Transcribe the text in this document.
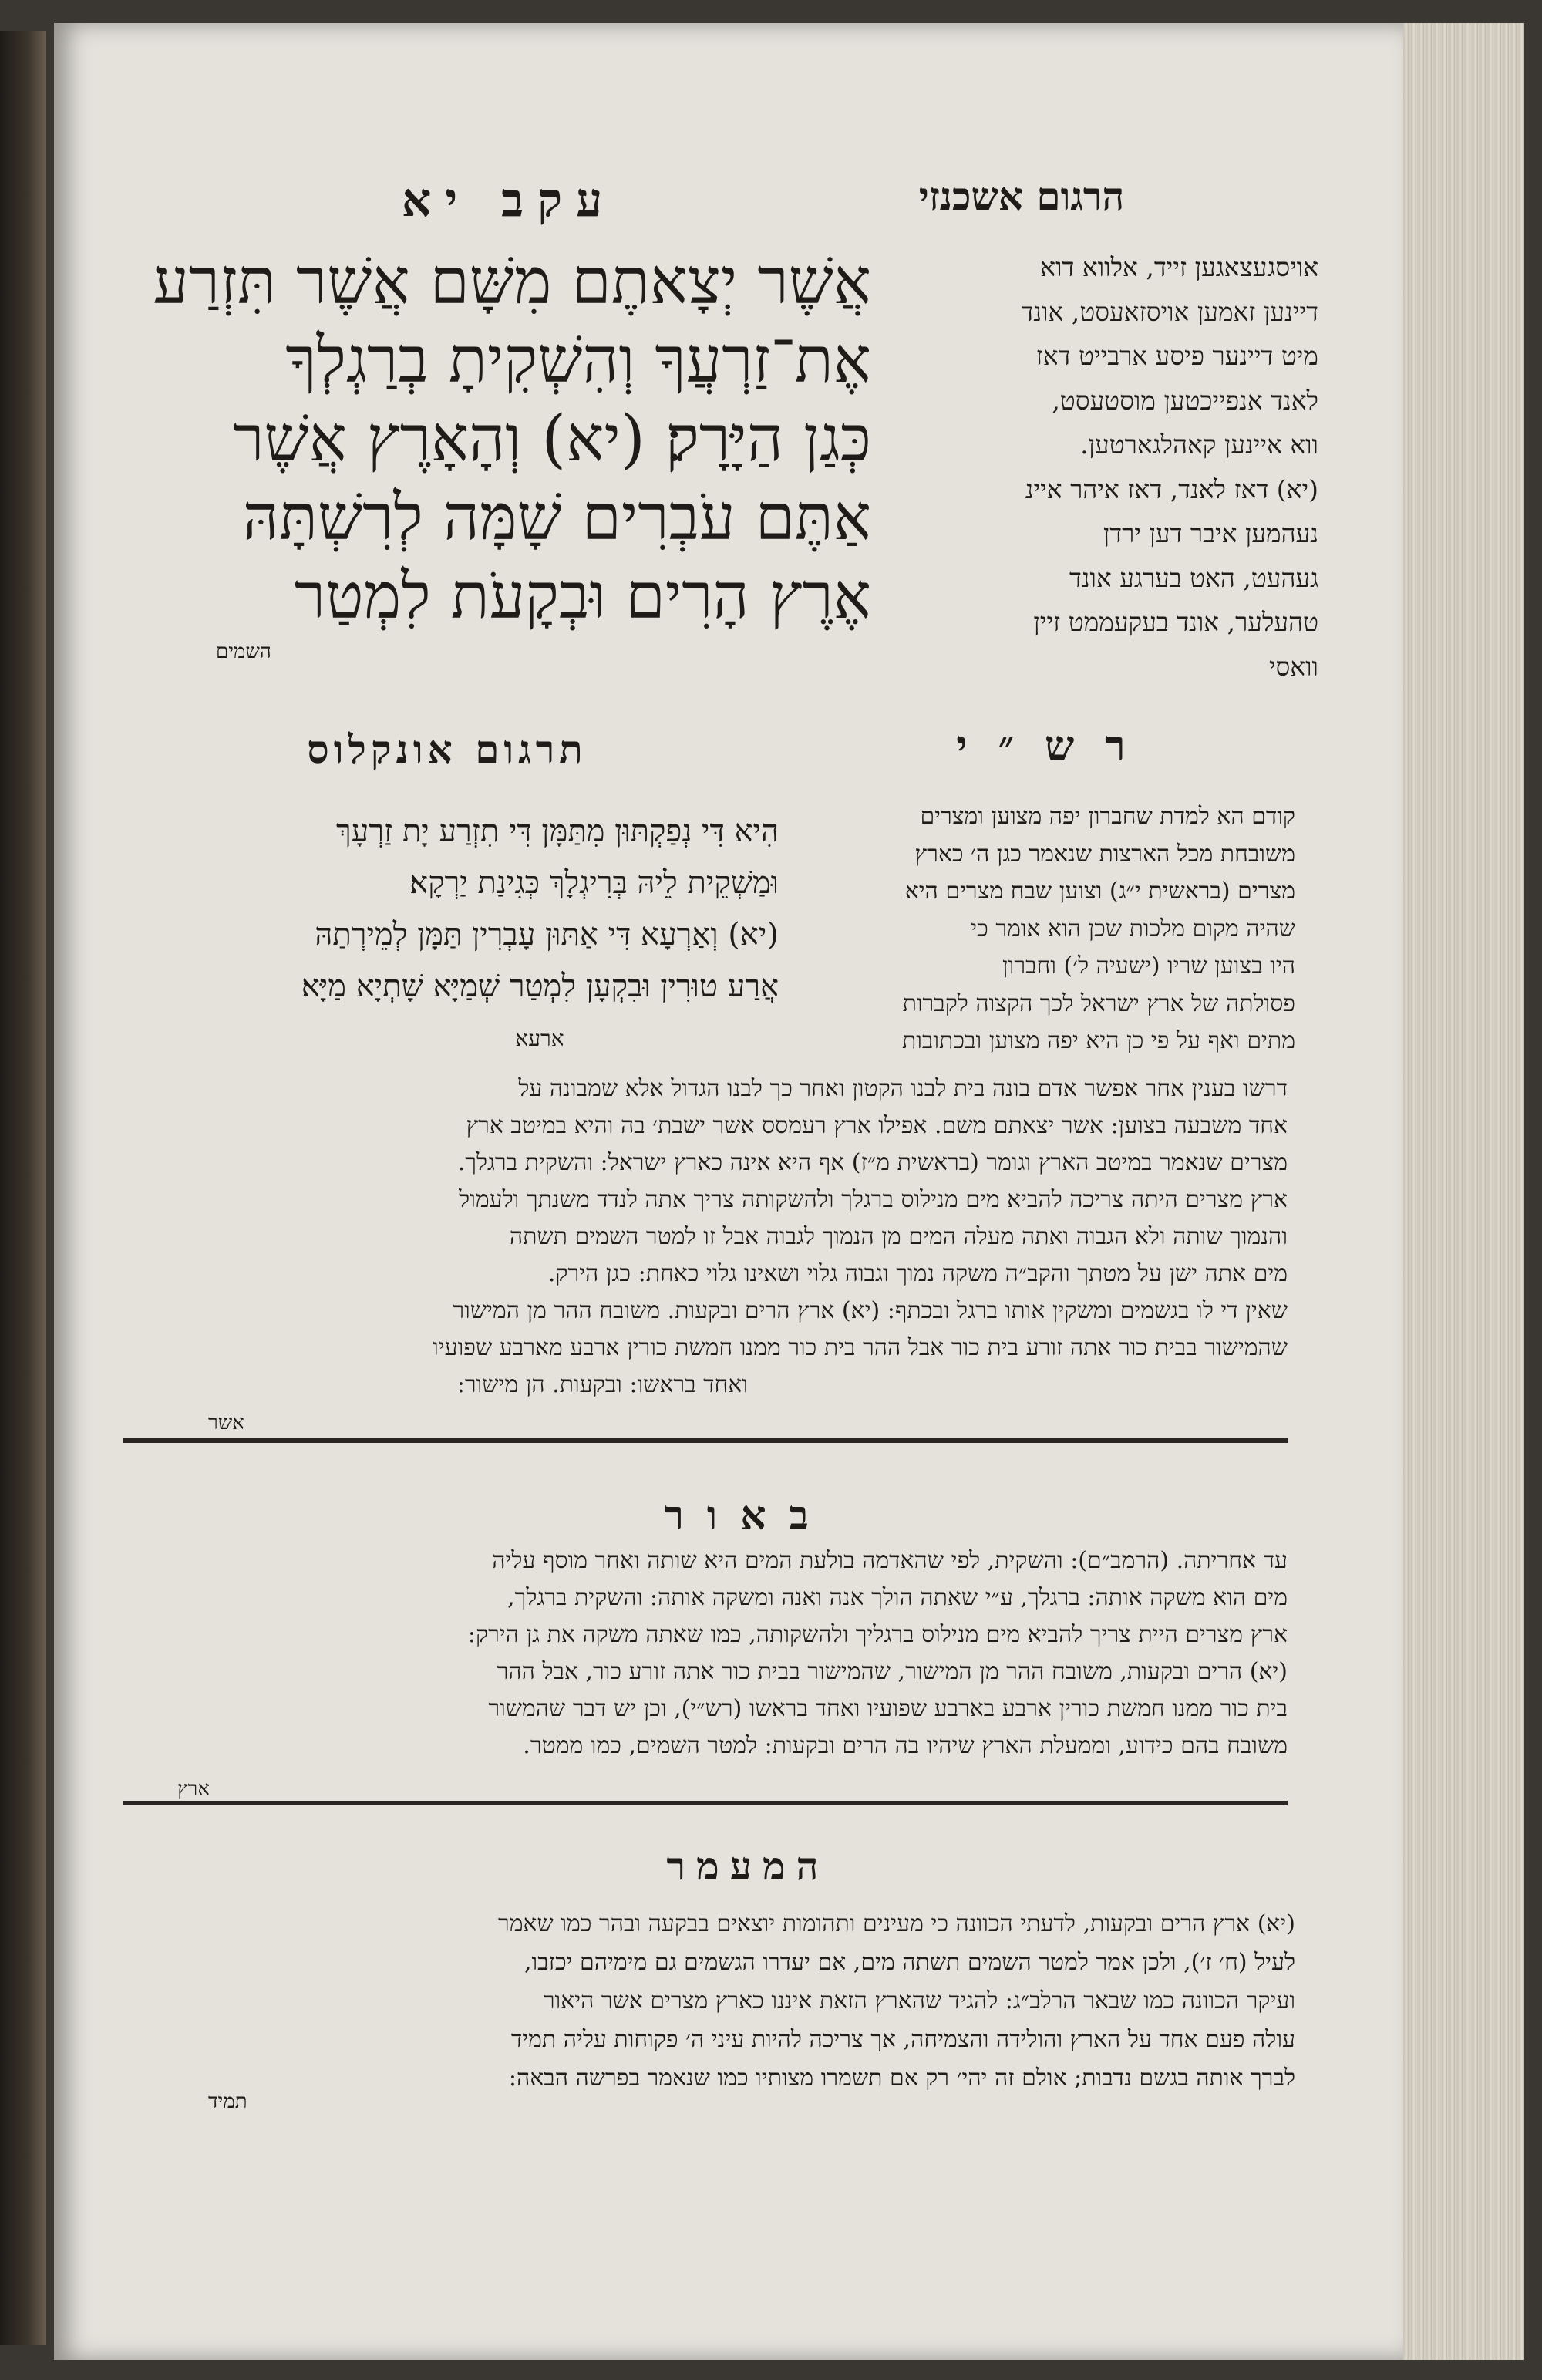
הרגום אשכנזי
עקב יא
אֲשֶׁר יְצָאתֶם מִשָּׁם אֲשֶׁר תִּזְרַע
אֶת־זַרְעֲךָ וְהִשְׁקִיתָ בְרַגְלְךָ
כְּגַן הַיָּרָק׃ (יא) וְהָאָרֶץ אֲשֶׁר
אַתֶּם עֹבְרִים שָׁמָּה לְרִשְׁתָּהּ
אֶרֶץ הָרִים וּבְקָעֹת לִמְטַר
השמים
אויסגעצאגען זייד, אלווא דוא
דיינען זאמען אויסזאעסט, אונד
מיט דיינער פיסע ארבייט דאז
לאנד אנפייכטען מוסטעסט,
ווא איינען קאהלגארטען.
(יא) דאז לאנד, דאז איהר איינ
נעהמען איבר דען ירדן
געהעט, האט בערגע אונד
טהעלער, אונד בעקעממט זיין
וואסי
רש״י
תרגום אונקלוס
הִיא דִּי נְפַקְתּוּן מִתַּמָּן דִּי תִזְרַע יָת זַרְעָךְ
וּמַשְׁקֵית לֵיהּ בְּרִיגְלָךְ כְּגִינַת יַרְקָא׃
(יא) וְאַרְעָא דִּי אַתּוּן עָבְרִין תַּמָּן לְמֵירְתַהּ
אֲרַע טוּרִין וּבִקְעָן לִמְטַר שְׁמַיָּא שָׁתְיָא מַיָּא׃
ארעא
קודם הא למדת שחברון יפה מצוען ומצרים
משובחת מכל הארצות שנאמר כגן ה׳ כארץ
מצרים (בראשית י״ג) וצוען שבח מצרים היא
שהיה מקום מלכות שכן הוא אומר כי
היו בצוען שריו (ישעיה ל׳) וחברון
פסולתה של ארץ ישראל לכך הקצוה לקברות
מתים ואף על פי כן היא יפה מצוען ובכתובות
דרשו בענין אחר אפשר אדם בונה בית לבנו הקטון ואחר כך לבנו הגדול אלא שמבונה על
אחד משבעה בצוען: אשר יצאתם משם. אפילו ארץ רעמסס אשר ישבת׳ בה והיא במיטב ארץ
מצרים שנאמר במיטב הארץ וגומר (בראשית מ״ז) אף היא אינה כארץ ישראל: והשקית ברגלך.
ארץ מצרים היתה צריכה להביא מים מנילוס ברגלך ולהשקותה צריך אתה לנדד משנתך ולעמול
והנמוך שותה ולא הגבוה ואתה מעלה המים מן הנמוך לגבוה אבל זו למטר השמים תשתה
מים אתה ישן על מטתך והקב״ה משקה נמוך וגבוה גלוי ושאינו גלוי כאחת: כגן הירק.
שאין די לו בגשמים ומשקין אותו ברגל ובכתף: (יא) ארץ הרים ובקעות. משובח ההר מן המישור
שהמישור בבית כור אתה זורע בית כור אבל ההר בית כור ממנו חמשת כורין ארבע מארבע שפועיו
ואחד בראשו: ובקעות. הן מישור:
אשר
באור
עד אחריתה. (הרמב״ם): והשקית, לפי שהאדמה בולעת המים היא שותה ואחר מוסף עליה
מים הוא משקה אותה: ברגלך, ע״י שאתה הולך אנה ואנה ומשקה אותה: והשקית ברגלך,
ארץ מצרים היית צריך להביא מים מנילוס ברגליך ולהשקותה, כמו שאתה משקה את גן הירק:
(יא) הרים ובקעות, משובח ההר מן המישור, שהמישור בבית כור אתה זורע כור, אבל ההר
בית כור ממנו חמשת כורין ארבע בארבע שפועיו ואחד בראשו (רש״י), וכן יש דבר שהמשור
משובח בהם כידוע, וממעלת הארץ שיהיו בה הרים ובקעות: למטר השמים, כמו ממטר.
ארץ
המעמר
(יא) ארץ הרים ובקעות, לדעתי הכוונה כי מעינים ותהומות יוצאים בבקעה ובהר כמו שאמר
לעיל (ח׳ ז׳), ולכן אמר למטר השמים תשתה מים, אם יעדרו הגשמים גם מימיהם יכזבו,
ועיקר הכוונה כמו שבאר הרלב״ג: להגיד שהארץ הזאת איננו כארץ מצרים אשר היאור
עולה פעם אחד על הארץ והולידה והצמיחה, אך צריכה להיות עיני ה׳ פקוחות עליה תמיד
לברך אותה בגשם נדבות; אולם זה יהי׳ רק אם תשמרו מצותיו כמו שנאמר בפרשה הבאה:
תמיד
